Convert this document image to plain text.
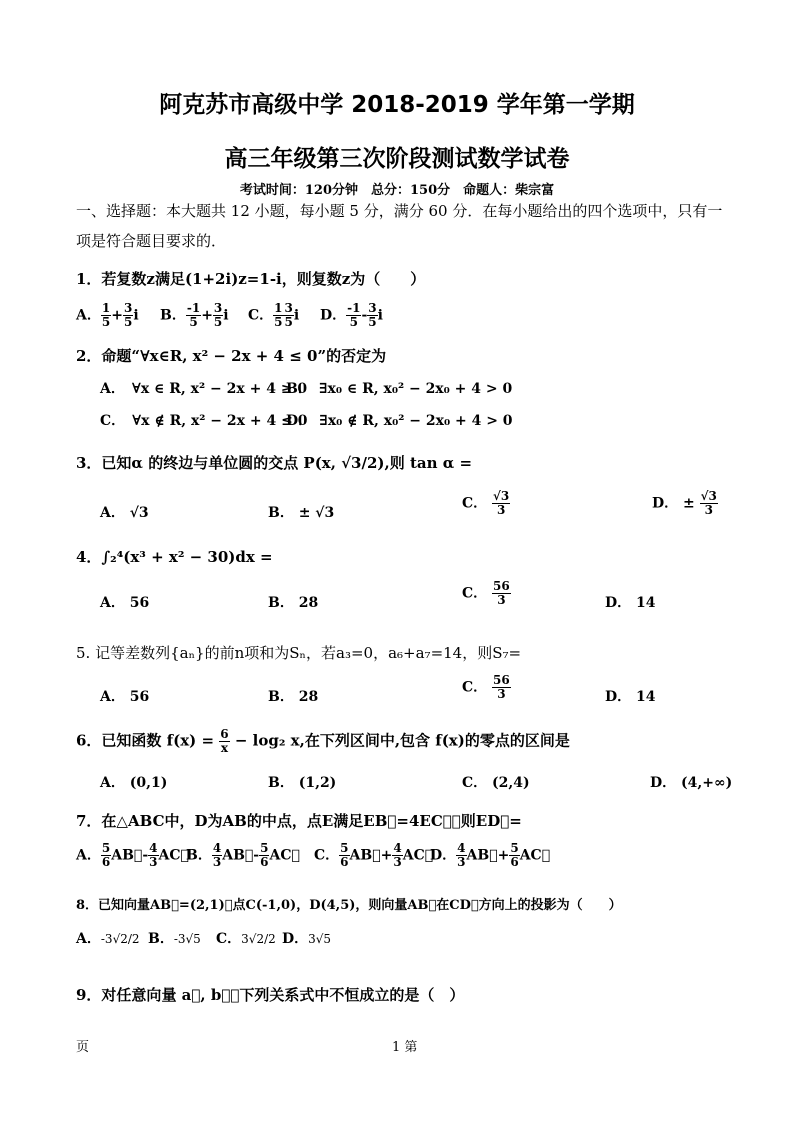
阿克苏市高级中学 2018-2019 学年第一学期
高三年级第三次阶段测试数学试卷
考试时间：120分钟　总分：150分　命题人：柴宗富
一、选择题：本大题共 12 小题，每小题 5 分，满分 60 分．在每小题给出的四个选项中，只有一项是符合题目要求的．
1．若复数z满足(1+2i)z=1-i，则复数z为（　　）
A． $\frac{1}{5} + \frac{3}{5}$ i B． $\frac{-1}{5} + \frac{3}{5}$ i C． $\frac{1}{5} \frac{3}{5}$ i D． $\frac{-1}{5} - \frac{3}{5}$ i
2．命题“∀x∈R, x² − 2x + 4 ≤ 0”的否定为
A．　∀x ∈ R, x² − 2x + 4 ≥ 0
B．　∃x₀ ∈ R, x₀² − 2x₀ + 4 > 0
C．　∀x ∉ R, x² − 2x + 4 ≤ 0
D．　∃x₀ ∉ R, x₀² − 2x₀ + 4 > 0
3．已知α 的终边与单位圆的交点 P(x, √3/2),则 tan α =
A． √3	B． ± √3
C． $\frac{√3}{3}$	D． ± $\frac{√3}{3}$
4．∫₂⁴(x³ + x² − 30)dx =
A． 56	B． 28
C． $\frac{56}{3}$	D． 14
5. 记等差数列{aₙ}的前n项和为Sₙ，若a₃=0，a₆+a₇=14，则S₇=
A． 56	B． 28
C． $\frac{56}{3}$	D． 14
6．已知函数 $f(x) = \frac{6}{x} - \log_2$ x,在下列区间中,包含 f(x)的零点的区间是
A． (0,1)	B． (1,2)	C． (2,4)	D． (4,+∞)
7．在△ABC中，D为AB的中点，点E满足EB⃗=4EC⃗，则ED⃗=
A． $\frac{5}{6}$ AB⃗- $\frac{4}{3}$ AC⃗
B． $\frac{4}{3}$ AB⃗- $\frac{5}{6}$ AC⃗ C． $\frac{5}{6}$ AB⃗+ $\frac{4}{3}$ AC⃗
D． $\frac{4}{3}$ AB⃗+ $\frac{5}{6}$ AC⃗
8．已知向量AB⃗=(2,1)，点C(-1,0)，D(4,5)，则向量AB⃗在CD⃗方向上的投影为（　　）
A．-3√2/2 B．-3√5 C．3√2/2 D．3√5
9．对任意向量 a⃗, b⃗，下列关系式中不恒成立的是（　）
页	1 第
